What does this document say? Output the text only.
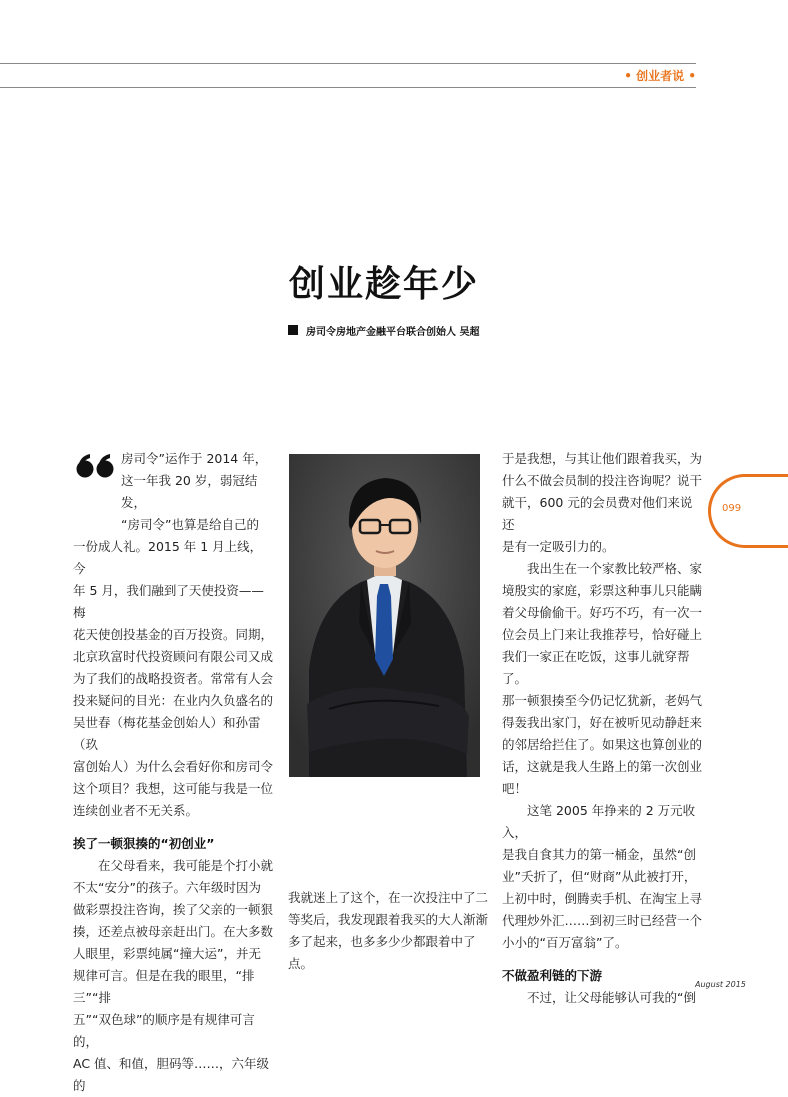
• 创业者说 •
创业趁年少
房司令房地产金融平台联合创始人 吴超

房司令”运作于 2014 年，

这一年我 20 岁，弱冠结发，

“房司令”也算是给自己的

一份成人礼。2015 年 1 月上线，今

年 5 月，我们融到了天使投资——梅

花天使创投基金的百万投资。同期，

北京玖富时代投资顾问有限公司又成

为了我们的战略投资者。常常有人会

投来疑问的目光：在业内久负盛名的

吴世春（梅花基金创始人）和孙雷（玖

富创始人）为什么会看好你和房司令

这个项目？我想，这可能与我是一位

连续创业者不无关系。

挨了一顿狠揍的“初创业”

在父母看来，我可能是个打小就

不太“安分”的孩子。六年级时因为

做彩票投注咨询，挨了父亲的一顿狠

揍，还差点被母亲赶出门。在大多数

人眼里，彩票纯属“撞大运”，并无

规律可言。但是在我的眼里，“排三”“排

五”“双色球”的顺序是有规律可言的，

AC 值、和值，胆码等……，六年级的

我就迷上了这个，在一次投注中了二

等奖后，我发现跟着我买的大人渐渐

多了起来，也多多少少都跟着中了点。

于是我想，与其让他们跟着我买，为

什么不做会员制的投注咨询呢？说干

就干，600 元的会员费对他们来说还

是有一定吸引力的。

我出生在一个家教比较严格、家

境殷实的家庭，彩票这种事儿只能瞒

着父母偷偷干。好巧不巧，有一次一

位会员上门来让我推荐号，恰好碰上

我们一家正在吃饭，这事儿就穿帮了。

那一顿狠揍至今仍记忆犹新，老妈气

得轰我出家门，好在被听见动静赶来

的邻居给拦住了。如果这也算创业的

话，这就是我人生路上的第一次创业

吧！

这笔 2005 年挣来的 2 万元收入，

是我自食其力的第一桶金，虽然“创

业”夭折了，但“财商”从此被打开，

上初中时，倒腾卖手机、在淘宝上寻

代理炒外汇……到初三时已经营一个

小小的“百万富翁”了。

不做盈利链的下游

不过，让父母能够认可我的“倒

099
August 2015
